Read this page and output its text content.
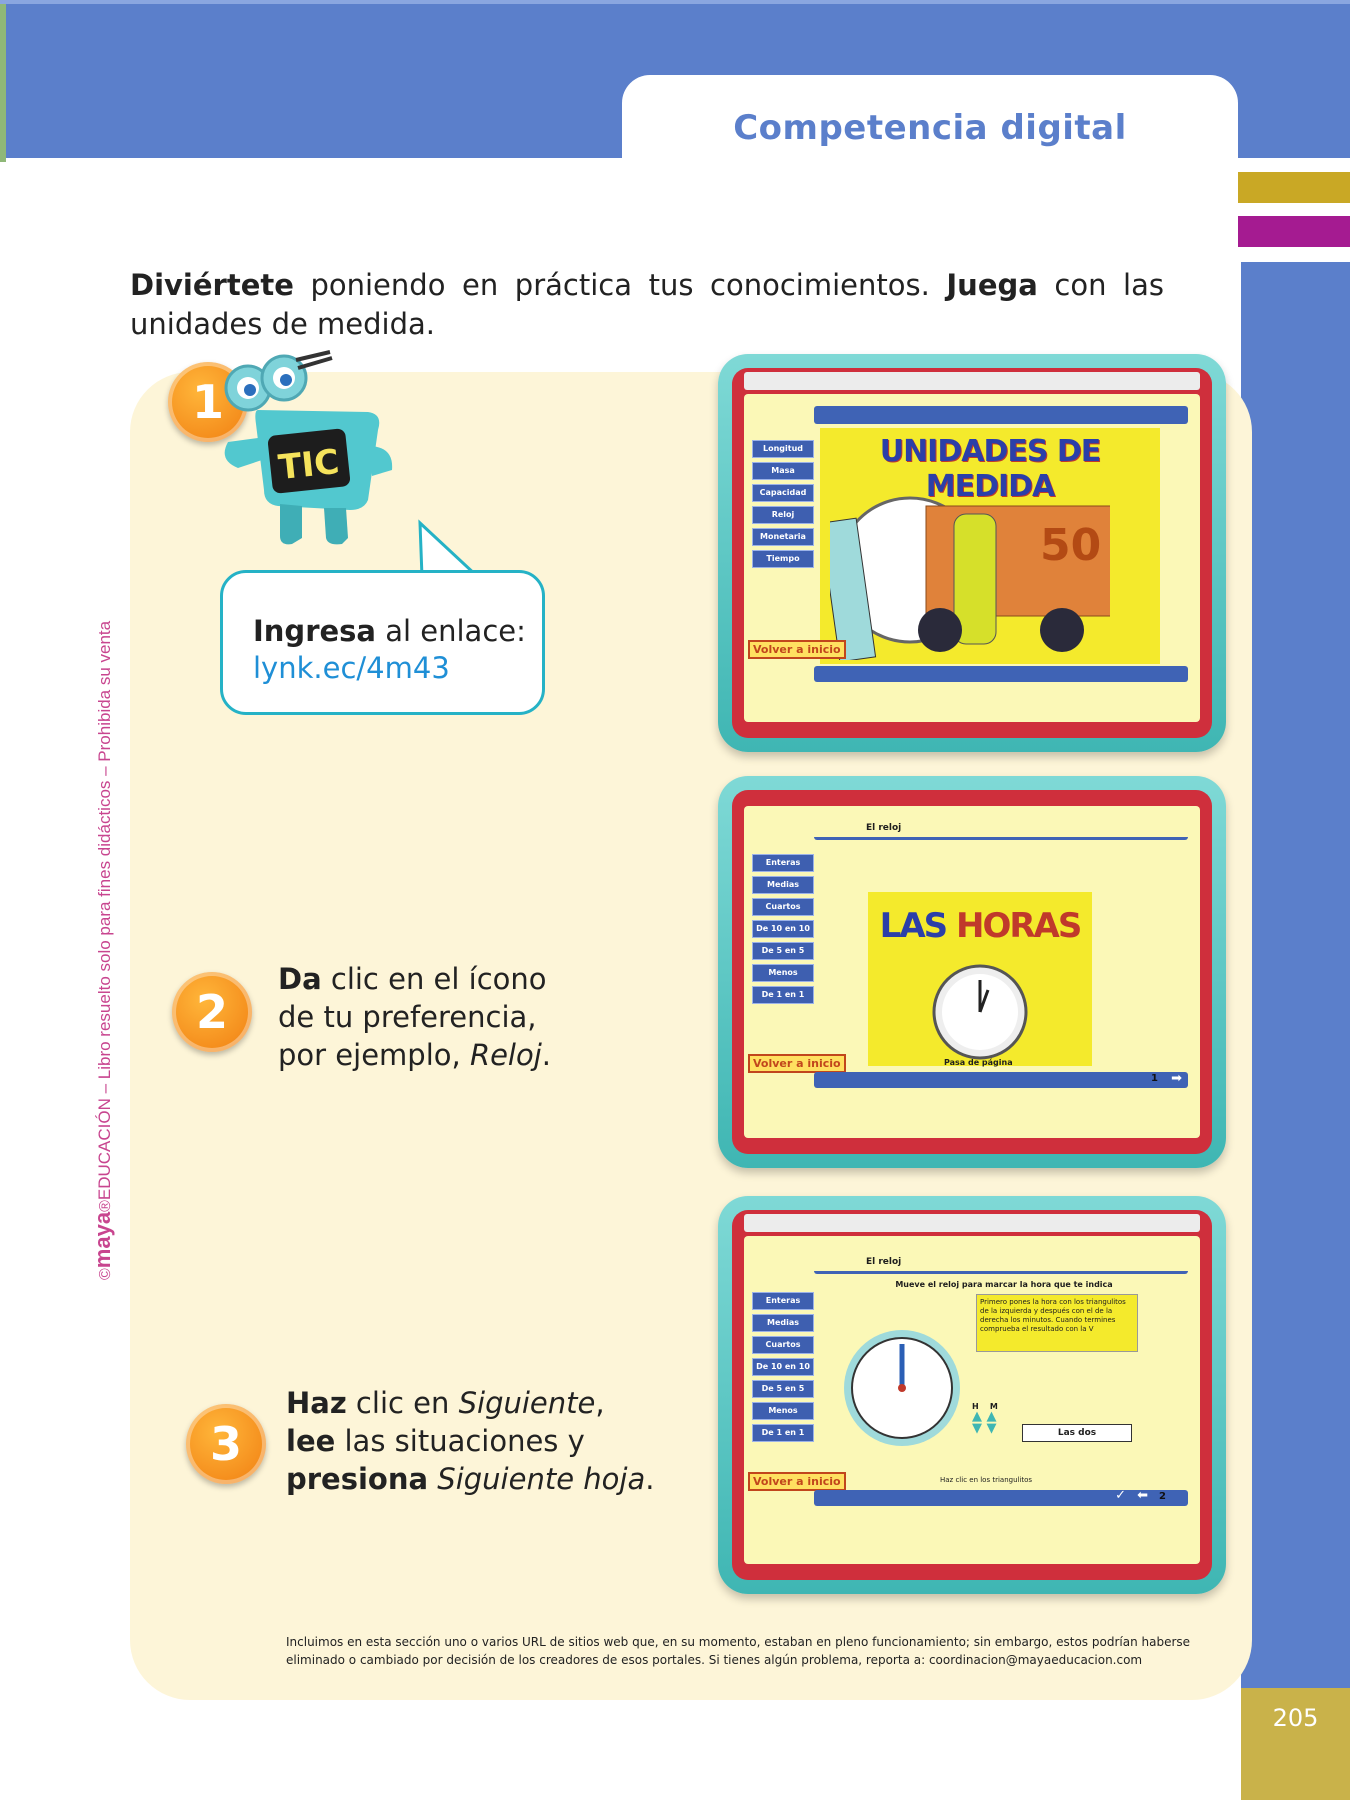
Competencia digital
205
©maya®EDUCACIÓN – Libro resuelto solo para fines didácticos – Prohibida su venta

Diviértete poniendo en práctica tus conocimientos. Juega con las unidades de medida.

1
TIC
Ingresa al enlace:
lynk.ec/4m43
Longitud
Masa
Capacidad
Reloj
Monetaria
Tiempo
UNIDADES DE MEDIDA
50
Volver a inicio
2
Da clic en el ícono
de tu preferencia,
por ejemplo, Reloj.
El reloj
Enteras
Medias
Cuartos
De 10 en 10
De 5 en 5
Menos
De 1 en 1
LAS HORAS
Volver a inicio	Pasa de página
1 ➡
3
Haz clic en Siguiente,
lee las situaciones y
presiona Siguiente hoja.
El reloj
Mueve el reloj para marcar la hora que te indica
Enteras
Medias
Cuartos
De 10 en 10
De 5 en 5
Menos
De 1 en 1
Primero pones la hora con los triangulitos de la izquierda y después con el de la derecha los minutos. Cuando termines comprueba el resultado con la V
H M
▲ ▲
▼ ▼	Las dos
Volver a inicio	Haz clic en los triangulitos
✓ ⬅ 2

Incluimos en esta sección uno o varios URL de sitios web que, en su momento, estaban en pleno funcionamiento; sin embargo, estos podrían haberse eliminado o cambiado por decisión de los creadores de esos portales. Si tienes algún problema, reporta a: coordinacion@mayaeducacion.com
